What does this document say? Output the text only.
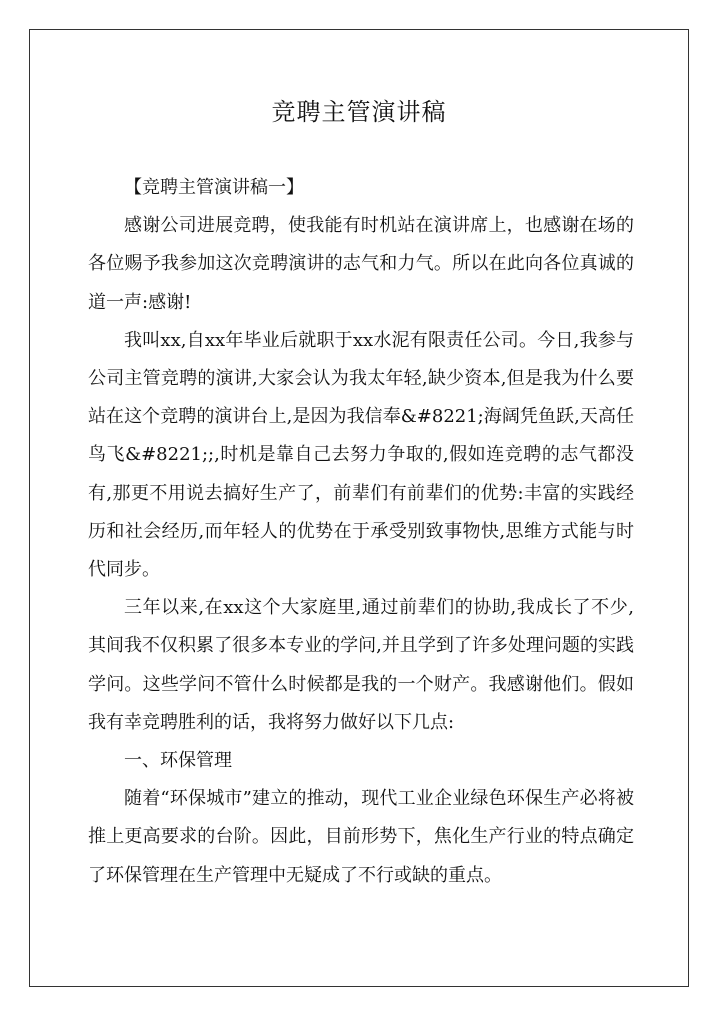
竞聘主管演讲稿

【竞聘主管演讲稿一】

感谢公司进展竞聘，使我能有时机站在演讲席上，也感谢在场的各位赐予我参加这次竞聘演讲的志气和力气。所以在此向各位真诚的道一声:感谢!

我叫xx,自xx年毕业后就职于xx水泥有限责任公司。今日,我参与公司主管竞聘的演讲,大家会认为我太年轻,缺少资本,但是我为什么要站在这个竞聘的演讲台上,是因为我信奉&#8221;海阔凭鱼跃,天高任鸟飞&#8221;;,时机是靠自己去努力争取的,假如连竞聘的志气都没有,那更不用说去搞好生产了，前辈们有前辈们的优势:丰富的实践经历和社会经历,而年轻人的优势在于承受别致事物快,思维方式能与时代同步。

三年以来,在xx这个大家庭里,通过前辈们的协助,我成长了不少,其间我不仅积累了很多本专业的学问,并且学到了许多处理问题的实践学问。这些学问不管什么时候都是我的一个财产。我感谢他们。假如我有幸竞聘胜利的话，我将努力做好以下几点:

一、环保管理

随着“环保城市”建立的推动，现代工业企业绿色环保生产必将被推上更高要求的台阶。因此，目前形势下，焦化生产行业的特点确定了环保管理在生产管理中无疑成了不行或缺的重点。
